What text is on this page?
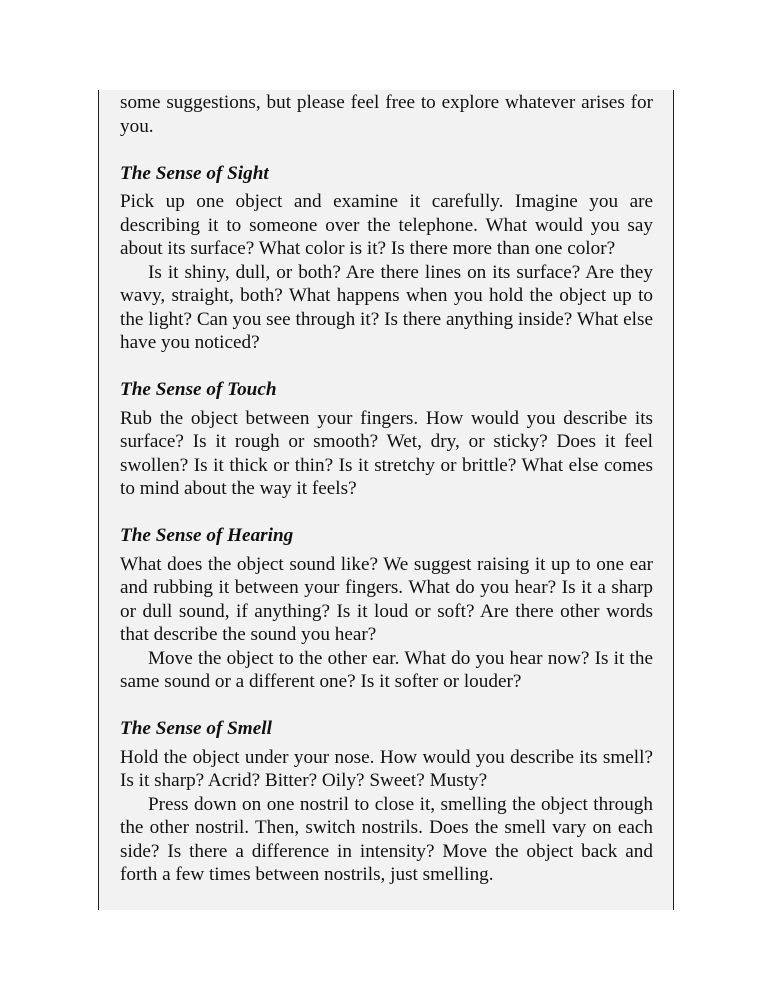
some suggestions, but please feel free to explore whatever arises for you.

The Sense of Sight

Pick up one object and examine it carefully. Imagine you are describing it to someone over the telephone. What would you say about its surface? What color is it? Is there more than one color?

Is it shiny, dull, or both? Are there lines on its surface? Are they wavy, straight, both? What happens when you hold the object up to the light? Can you see through it? Is there anything inside? What else have you noticed?

The Sense of Touch

Rub the object between your fingers. How would you describe its surface? Is it rough or smooth? Wet, dry, or sticky? Does it feel swollen? Is it thick or thin? Is it stretchy or brittle? What else comes to mind about the way it feels?

The Sense of Hearing

What does the object sound like? We suggest raising it up to one ear and rubbing it between your fingers. What do you hear? Is it a sharp or dull sound, if anything? Is it loud or soft? Are there other words that describe the sound you hear?

Move the object to the other ear. What do you hear now? Is it the same sound or a different one? Is it softer or louder?

The Sense of Smell

Hold the object under your nose. How would you describe its smell? Is it sharp? Acrid? Bitter? Oily? Sweet? Musty?

Press down on one nostril to close it, smelling the object through the other nostril. Then, switch nostrils. Does the smell vary on each side? Is there a difference in intensity? Move the object back and forth a few times between nostrils, just smelling.
